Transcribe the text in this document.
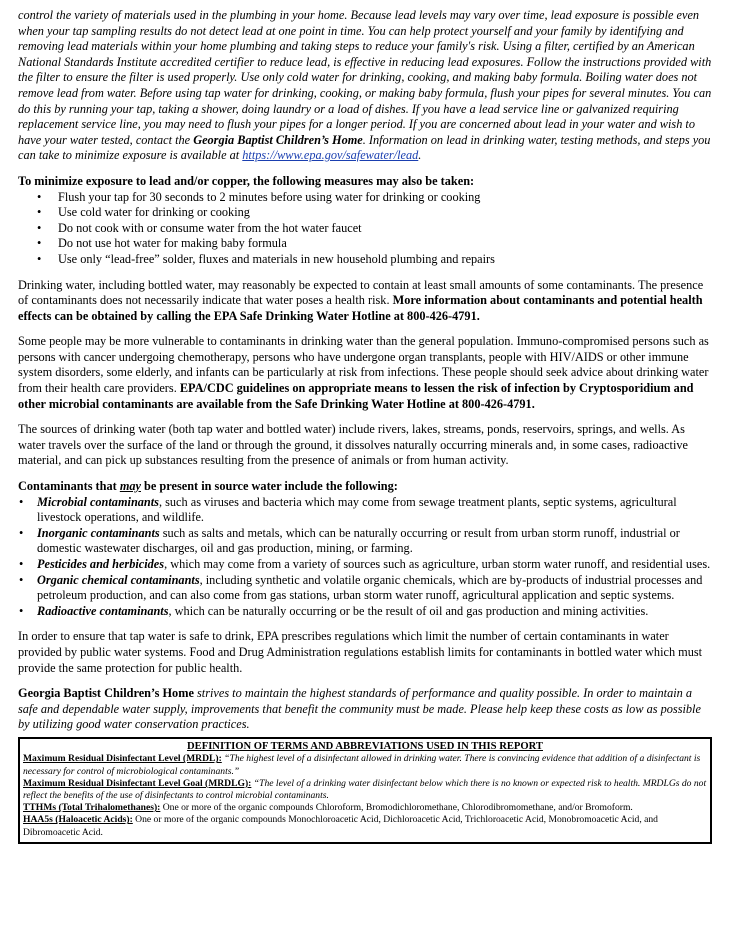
control the variety of materials used in the plumbing in your home. Because lead levels may vary over time, lead exposure is possible even when your tap sampling results do not detect lead at one point in time. You can help protect yourself and your family by identifying and removing lead materials within your home plumbing and taking steps to reduce your family's risk. Using a filter, certified by an American National Standards Institute accredited certifier to reduce lead, is effective in reducing lead exposures. Follow the instructions provided with the filter to ensure the filter is used properly. Use only cold water for drinking, cooking, and making baby formula. Boiling water does not remove lead from water. Before using tap water for drinking, cooking, or making baby formula, flush your pipes for several minutes. You can do this by running your tap, taking a shower, doing laundry or a load of dishes. If you have a lead service line or galvanized requiring replacement service line, you may need to flush your pipes for a longer period. If you are concerned about lead in your water and wish to have your water tested, contact the Georgia Baptist Children’s Home. Information on lead in drinking water, testing methods, and steps you can take to minimize exposure is available at https://www.epa.gov/safewater/lead.

To minimize exposure to lead and/or copper, the following measures may also be taken:

• Flush your tap for 30 seconds to 2 minutes before using water for drinking or cooking
• Use cold water for drinking or cooking
• Do not cook with or consume water from the hot water faucet
• Do not use hot water for making baby formula
• Use only “lead-free” solder, fluxes and materials in new household plumbing and repairs

Drinking water, including bottled water, may reasonably be expected to contain at least small amounts of some contaminants. The presence of contaminants does not necessarily indicate that water poses a health risk. More information about contaminants and potential health effects can be obtained by calling the EPA Safe Drinking Water Hotline at 800-426-4791.

Some people may be more vulnerable to contaminants in drinking water than the general population. Immuno-compromised persons such as persons with cancer undergoing chemotherapy, persons who have undergone organ transplants, people with HIV/AIDS or other immune system disorders, some elderly, and infants can be particularly at risk from infections. These people should seek advice about drinking water from their health care providers. EPA/CDC guidelines on appropriate means to lessen the risk of infection by Cryptosporidium and other microbial contaminants are available from the Safe Drinking Water Hotline at 800-426-4791.

The sources of drinking water (both tap water and bottled water) include rivers, lakes, streams, ponds, reservoirs, springs, and wells. As water travels over the surface of the land or through the ground, it dissolves naturally occurring minerals and, in some cases, radioactive material, and can pick up substances resulting from the presence of animals or from human activity.

Contaminants that may be present in source water include the following:

• Microbial contaminants, such as viruses and bacteria which may come from sewage treatment plants, septic systems, agricultural livestock operations, and wildlife.
• Inorganic contaminants such as salts and metals, which can be naturally occurring or result from urban storm runoff, industrial or domestic wastewater discharges, oil and gas production, mining, or farming.
• Pesticides and herbicides, which may come from a variety of sources such as agriculture, urban storm water runoff, and residential uses.
• Organic chemical contaminants, including synthetic and volatile organic chemicals, which are by-products of industrial processes and petroleum production, and can also come from gas stations, urban storm water runoff, agricultural application and septic systems.
• Radioactive contaminants, which can be naturally occurring or be the result of oil and gas production and mining activities.

In order to ensure that tap water is safe to drink, EPA prescribes regulations which limit the number of certain contaminants in water provided by public water systems. Food and Drug Administration regulations establish limits for contaminants in bottled water which must provide the same protection for public health.

Georgia Baptist Children’s Home strives to maintain the highest standards of performance and quality possible. In order to maintain a safe and dependable water supply, improvements that benefit the community must be made. Please help keep these costs as low as possible by utilizing good water conservation practices.

DEFINITION OF TERMS AND ABBREVIATIONS USED IN THIS REPORT
Maximum Residual Disinfectant Level (MRDL): “The highest level of a disinfectant allowed in drinking water. There is convincing evidence that addition of a disinfectant is necessary for control of microbiological contaminants.”
Maximum Residual Disinfectant Level Goal (MRDLG): “The level of a drinking water disinfectant below which there is no known or expected risk to health. MRDLGs do not reflect the benefits of the use of disinfectants to control microbial contaminants.
TTHMs (Total Trihalomethanes): One or more of the organic compounds Chloroform, Bromodichloromethane, Chlorodibromomethane, and/or Bromoform.
HAA5s (Haloacetic Acids): One or more of the organic compounds Monochloroacetic Acid, Dichloroacetic Acid, Trichloroacetic Acid, Monobromoacetic Acid, and Dibromoacetic Acid.
